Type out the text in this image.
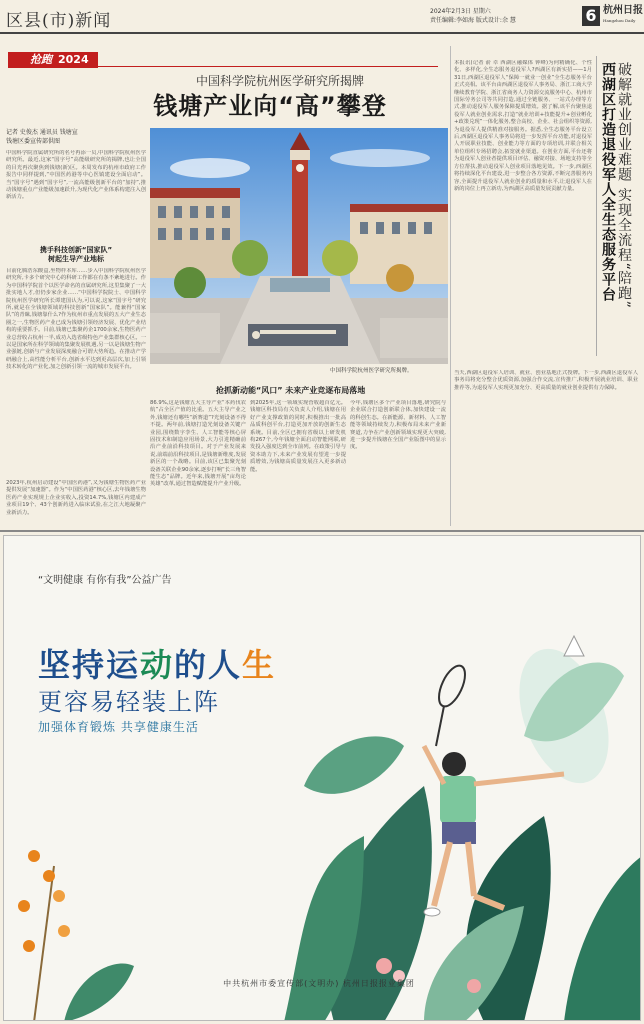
区县(市)新闻	2024年2月3日 星期六
责任编辑:李如海 版式设计:余 慧	6 杭州日报
Hangzhou Daily
抢跑 2024
中国科学院杭州医学研究所揭牌
钱塘产业向“高”攀登
记者 史俊杰 通讯员 钱塘宣
钱塘区委宣传部供图
中国科学院直属研究所的名号再添一员,中国科学院杭州医学研究所。最近,这家“国字号”高能级研究所的揭牌,也让全国的目光再次聚焦到钱塘(新)区。本周发布的杭州市政府工作报告中同样提到,“中国医药港等中心医镇建设全面启动”。当“国字号”遇到“国字号”,一流高能级创新平台的“加持”,推动钱塘重点产业能级加速跃升,为现代化产业体系构建注入创新活力。
携手科技创新“国家队”
树起生导产业地标
目前化腾浩东酸盒,坐物样本库……步入中国科学院杭州医学研究所,卡多个研究中心的科研工作都在有条不紊地进行。作为中国科学院首个以医学命名的直属研究所,这里集聚了一大批实地人才,但仍步家企业……“中国科学院院士、中国科学院杭州医学研究所长谭建国认为,可以说,这家“国字号”研究所,就是在全钱塘领域的科技创新“国家队”。能兼得“国家队”的青睐,钱塘靠什么?作为杭州市重点发展的五大产业生态圈之一,生物医药产业已成为钱塘引领经济发展、优化产业结构的重要抓手。目前,钱塘已集聚药企1700余家,生物医药产业总营收占杭州一半,成功入选省级特色产业集群核心区。一以是国家所在科学领域的集聚发展机遇,另一以是钱塘生物产业强链,创新与产业发展深度融合可谓大势所趋。在推动产学研融合上,高性能分析平台,创新水平达到更高层次,加上引领技术转化的产业化,加之创新引领一流的城市发展平台。
2023年,杭州启动建设“中国医药港”,又为钱塘生物医药产业提供发展“加速器”。作为“中国医药港”核心区,去年钱塘生物医药产业实现规上企业实收入,投资14.7%,钱塘区内建成产业项目19个、43个创新药进入临床试验,在之江大地凝聚产业新活力。
中国科学院杭州医学研究所揭牌。
抢抓新动能“风口” 未来产业竞逐布局落地
86.9%,这是钱塘五大主导产业“本药伐农航”占全区产值的比重。五大主导产业之外,钱塘还有哪些“新赛道”?光刻设备不得不提。两年前,钱塘打造光刻设备关键产业园,围绕数字孪生、人工智能等核心屏固技术和制造应用场景,大力引进精确前沿产业前沿科技项目。对于产业发展来说,前端前沿科技项目,是钱塘新维度,发展新区的一个战略。目前,该区已集聚光刻设备关联企业90余家,逐步打响“长三角智能生态”品牌。近年来,钱塘开展“亩均论英雄”改革,通过智造赋能提升产业升级。
到2025年,这一领域实现营收超百亿元。钱塘区科技局有关负责人介绍,钱塘在用好产业支撑政策的同时,积极推出一批高品质科创平台,打造更加开放的创新生态系统。目前,全区已拥有省级以上研发机构267个,今年钱塘全面启动智能网联,研发投入强度达到全市前列。在政策引导与资本助力下,未来产业发展有望进一步提质增效,为钱塘高质量发展注入更多新动能。
今年,钱塘区多个产业项目落地,研究院与企业联合打造创新联合体,加快建设一流的科创生态。在新能源、新材料、人工智能等领域持续发力,积极布局未来产业新赛道,力争在产业创新领域实现更大突破,进一步提升钱塘在全国产业版图中的显示度。
破解就业创业难题 实现全流程“陪跑”
西湖区打造退役军人全生态服务平台
本报讯(记者 俞 卓 西湖区融媒体 钟峰)为何精确化、个性化、多样化,全生态服务退役军人?西湖区有新实招——1月31日,西湖区退役军人“保障一就业一创业”全生态服务平台正式亮相。该平台由西湖区退役军人事务局、浙江工商大学继续教育学院、浙江省商务人力资源交流服务中心、杭州市国际劳务公司等共同打造,通过全链服务、一站式办理等方式,推动退役军人服务保障提质增效。据了解,该平台聚焦退役军人就业创业需求,打造“就业培训+技能提升+创业孵化+政策兑现”一体化服务,整合高校、企业、社会组织等资源,为退役军人提供精准对接服务。据悉,全生态服务平台设立后,西湖区退役军人事务局将进一步发挥平台功能,对退役军人开展职业技能、创业能力等方面的专项培训,并联合相关单位组织专场招聘会,拓宽就业渠道。在创业方面,平台还将为退役军人创业者提供项目评估、融资对接、场地支持等全方位帮扶,推动退役军人创业项目落地见效。下一步,西湖区将持续深化平台建设,进一步整合各方资源,不断完善服务内容,全面提升退役军人就业创业的质量和水平,让退役军人在新的岗位上再立新功,为西湖区高质量发展贡献力量。
当天,西湖区退役军人培训、就业、创业基地正式授牌。下一步,西湖区退役军人事务局将充分整合优质资源,加强合作交流,宣传推广,积极开展就业培训、职业推荐等,为退役军人实现更加充分、更高质量的就业创业提供有力保障。
“文明健康 有你有我”公益广告
坚持运动的人生
更容易轻装上阵
加强体育锻炼 共享健康生活
中共杭州市委宣传部(文明办) 杭州日报报业集团
